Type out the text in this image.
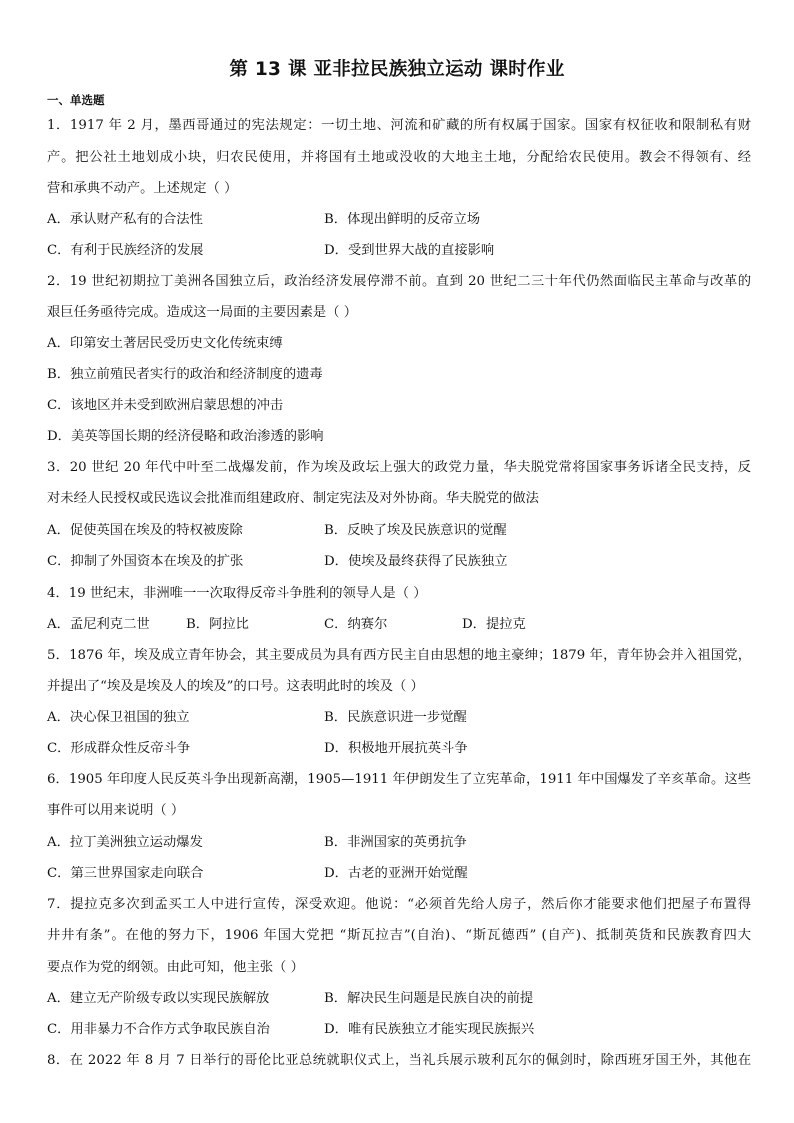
第 13 课 亚非拉民族独立运动 课时作业
一、单选题
1．1917 年 2 月，墨西哥通过的宪法规定：一切土地、河流和矿藏的所有权属于国家。国家有权征收和限制私有财
产。把公社土地划成小块，归农民使用，并将国有土地或没收的大地主土地，分配给农民使用。教会不得领有、经
营和承典不动产。上述规定（ ）
A．承认财产私有的合法性	B．体现出鲜明的反帝立场
C．有利于民族经济的发展	D．受到世界大战的直接影响
2．19 世纪初期拉丁美洲各国独立后，政治经济发展停滞不前。直到 20 世纪二三十年代仍然面临民主革命与改革的
艰巨任务亟待完成。造成这一局面的主要因素是（ ）
A．印第安土著居民受历史文化传统束缚
B．独立前殖民者实行的政治和经济制度的遗毒
C．该地区并未受到欧洲启蒙思想的冲击
D．美英等国长期的经济侵略和政治渗透的影响
3．20 世纪 20 年代中叶至二战爆发前，作为埃及政坛上强大的政党力量，华夫脱党常将国家事务诉诸全民支持，反
对未经人民授权或民选议会批准而组建政府、制定宪法及对外协商。华夫脱党的做法
A．促使英国在埃及的特权被废除	B．反映了埃及民族意识的觉醒
C．抑制了外国资本在埃及的扩张	D．使埃及最终获得了民族独立
4．19 世纪末，非洲唯一一次取得反帝斗争胜利的领导人是（ ）
A．孟尼利克二世	B．阿拉比	C．纳赛尔	D．提拉克
5．1876 年，埃及成立青年协会，其主要成员为具有西方民主自由思想的地主豪绅；1879 年，青年协会并入祖国党，
并提出了“埃及是埃及人的埃及”的口号。这表明此时的埃及（ ）
A．决心保卫祖国的独立	B．民族意识进一步觉醒
C．形成群众性反帝斗争	D．积极地开展抗英斗争
6．1905 年印度人民反英斗争出现新高潮，1905—1911 年伊朗发生了立宪革命，1911 年中国爆发了辛亥革命。这些
事件可以用来说明（ ）
A．拉丁美洲独立运动爆发	B．非洲国家的英勇抗争
C．第三世界国家走向联合	D．古老的亚洲开始觉醒
7．提拉克多次到孟买工人中进行宣传，深受欢迎。他说：“必须首先给人房子，然后你才能要求他们把屋子布置得
井井有条”。在他的努力下，1906 年国大党把 “斯瓦拉吉”(自治)、“斯瓦德西” (自产)、抵制英货和民族教育四大
要点作为党的纲领。由此可知，他主张（ ）
A．建立无产阶级专政以实现民族解放	B．解决民生问题是民族自决的前提
C．用非暴力不合作方式争取民族自治	D．唯有民族独立才能实现民族振兴
8．在 2022 年 8 月 7 日举行的哥伦比亚总统就职仪式上，当礼兵展示玻利瓦尔的佩剑时，除西班牙国王外，其他在
